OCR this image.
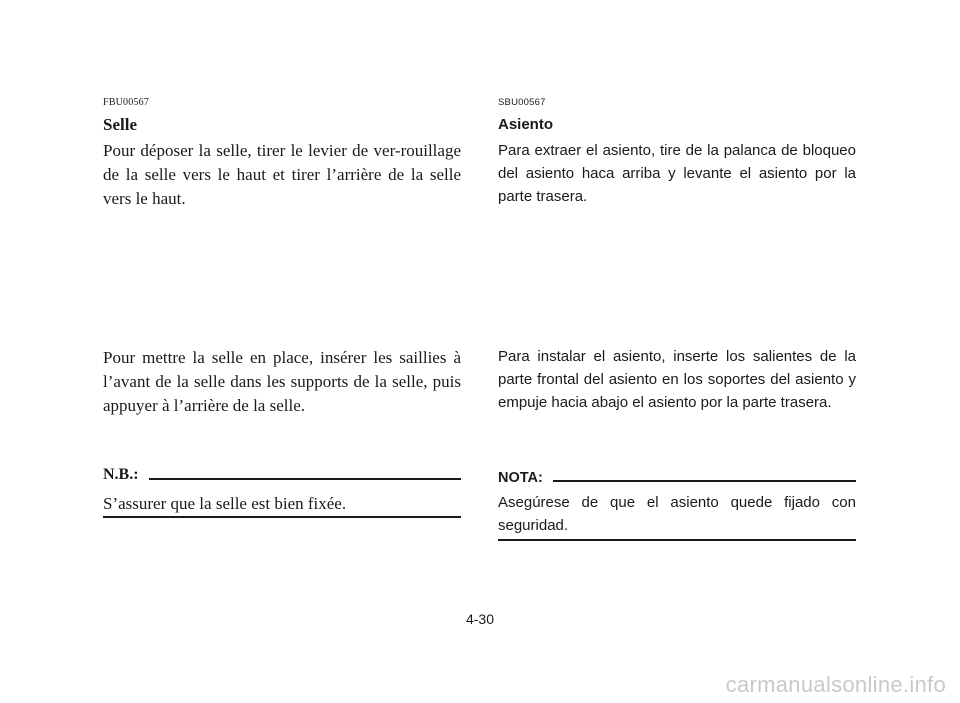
FBU00567
Selle

Pour déposer la selle, tirer le levier de ver-rouillage de la selle vers le haut et tirer l’arrière de la selle vers le haut.

Pour mettre la selle en place, insérer les saillies à l’avant de la selle dans les supports de la selle, puis appuyer à l’arrière de la selle.

N.B.:

S’assurer que la selle est bien fixée.

SBU00567
Asiento

Para extraer el asiento, tire de la palanca de bloqueo del asiento haca arriba y levante el asiento por la parte trasera.

Para instalar el asiento, inserte los salientes de la parte frontal del asiento en los soportes del asiento y empuje hacia abajo el asiento por la parte trasera.

NOTA:

Asegúrese de que el asiento quede fijado con seguridad.

4-30
carmanualsonline.info
